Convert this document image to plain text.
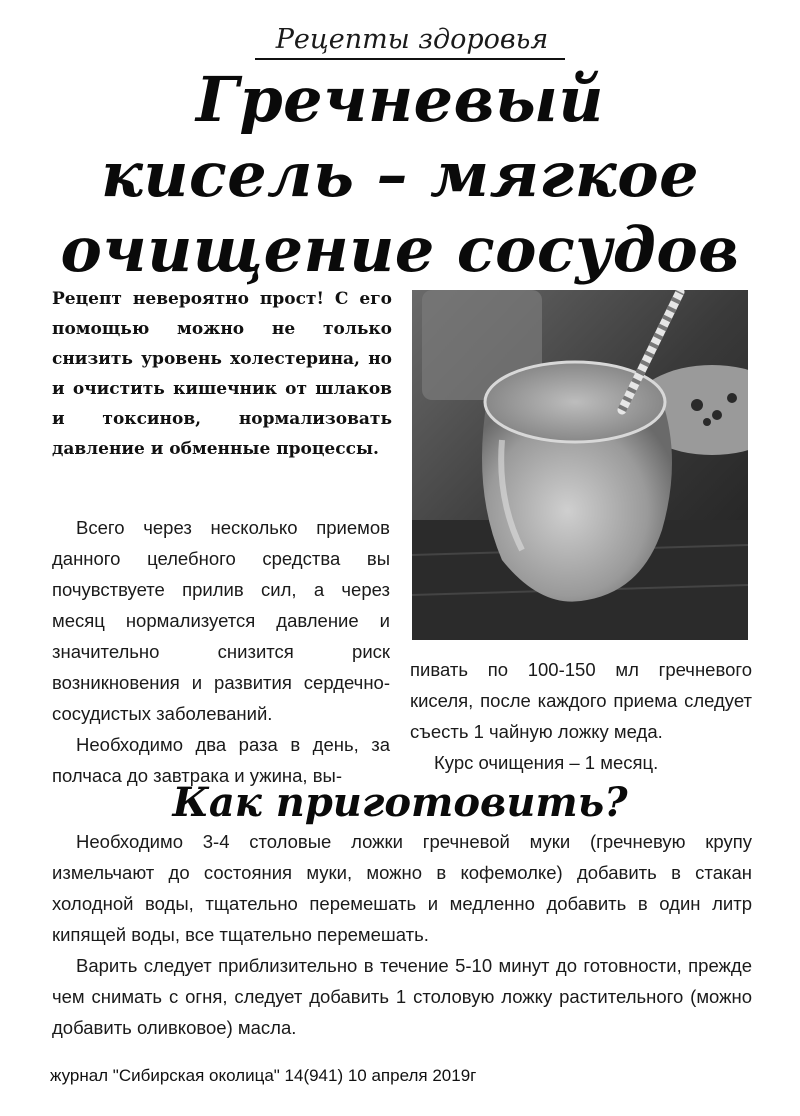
Рецепты здоровья
Гречневый
кисель – мягкое
очищение сосудов

Рецепт невероятно прост! С его помощью можно не только снизить уровень холестерина, но и очистить кишечник от шлаков и токсинов, нормализовать давление и обменные процессы.

Всего через несколько приемов данного целебного средства вы почувствуете прилив сил, а через месяц нормализуется давление и значительно снизится риск возникновения и развития сердечно-сосудистых заболеваний.

Необходимо два раза в день, за полчаса до завтрака и ужина, вы-

пивать по 100-150 мл гречневого киселя, после каждого приема следует съесть 1 чайную ложку меда.

Курс очищения – 1 месяц.

Как приготовить?

Необходимо 3-4 столовые ложки гречневой муки (гречневую крупу измельчают до состояния муки, можно в кофемолке) добавить в стакан холодной воды, тщательно перемешать и медленно добавить в один литр кипящей воды, все тщательно перемешать.

Варить следует приблизительно в течение 5-10 минут до готовности, прежде чем снимать с огня, следует добавить 1 столовую ложку растительного (можно добавить оливковое) масла.

журнал "Сибирская околица" 14(941) 10 апреля 2019г
